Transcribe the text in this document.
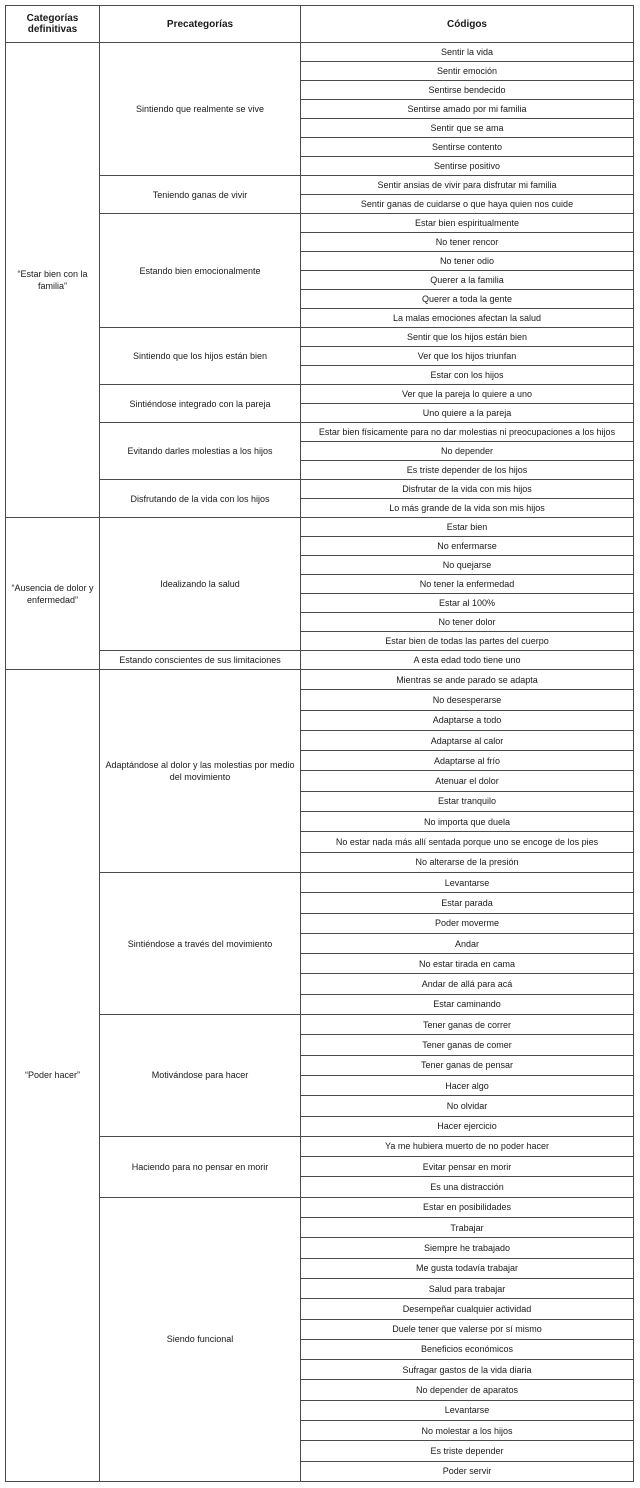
Categorías definitivas	Precategorías	Códigos
“Estar bien con la familia”	Sintiendo que realmente se vive	Sentir la vida
		Sentir emoción
		Sentirse bendecido
		Sentirse amado por mi familia
		Sentir que se ama
		Sentirse contento
		Sentirse positivo
	Teniendo ganas de vivir	Sentir ansias de vivir para disfrutar mi familia
		Sentir ganas de cuidarse o que haya quien nos cuide
	Estando bien emocionalmente	Estar bien espiritualmente
		No tener rencor
		No tener odio
		Querer a la familia
		Querer a toda la gente
		La malas emociones afectan la salud
	Sintiendo que los hijos están bien	Sentir que los hijos están bien
		Ver que los hijos triunfan
		Estar con los hijos
	Sintiéndose integrado con la pareja	Ver que la pareja lo quiere a uno
		Uno quiere a la pareja
	Evitando darles molestias a los hijos	Estar bien físicamente para no dar molestias ni preocupaciones a los hijos
		No depender
		Es triste depender de los hijos
	Disfrutando de la vida con los hijos	Disfrutar de la vida con mis hijos
		Lo más grande de la vida son mis hijos
“Ausencia de dolor y enfermedad”	Idealizando la salud	Estar bien
		No enfermarse
		No quejarse
		No tener la enfermedad
		Estar al 100%
		No tener dolor
		Estar bien de todas las partes del cuerpo
	Estando conscientes de sus limitaciones	A esta edad todo tiene uno
“Poder hacer”	Adaptándose al dolor y las molestias por medio del movimiento	Mientras se ande parado se adapta
		No desesperarse
		Adaptarse a todo
		Adaptarse al calor
		Adaptarse al frío
		Atenuar el dolor
		Estar tranquilo
		No importa que duela
		No estar nada más allí sentada porque uno se encoge de los pies
		No alterarse de la presión
	Sintiéndose a través del movimiento	Levantarse
		Estar parada
		Poder moverme
		Andar
		No estar tirada en cama
		Andar de allá para acá
		Estar caminando
	Motivándose para hacer	Tener ganas de correr
		Tener ganas de comer
		Tener ganas de pensar
		Hacer algo
		No olvidar
		Hacer ejercicio
	Haciendo para no pensar en morir	Ya me hubiera muerto de no poder hacer
		Evitar pensar en morir
		Es una distracción
	Siendo funcional	Estar en posibilidades
		Trabajar
		Siempre he trabajado
		Me gusta todavía trabajar
		Salud para trabajar
		Desempeñar cualquier actividad
		Duele tener que valerse por sí mismo
		Beneficios económicos
		Sufragar gastos de la vida diaria
		No depender de aparatos
		Levantarse
		No molestar a los hijos
		Es triste depender
		Poder servir
